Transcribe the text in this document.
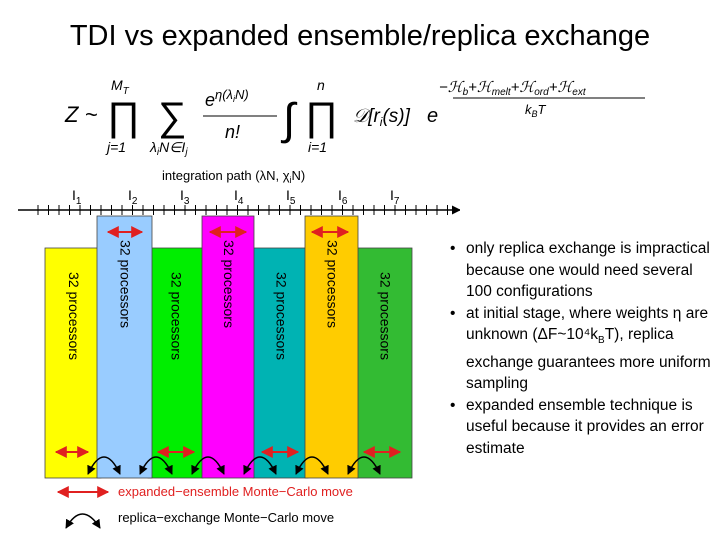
TDI vs expanded ensemble/replica exchange
Z ~
$M_T$
∏
j=1
∑
$\lambda_iN\in I_j$
$e^{\eta(\lambda}iN$)
n! ∫
n
∏
i=1
$𝒟[r_i(s)]$ e
−ℋ$_b$+ℋ$_{melt}$+ℋ$_{ord}$+ℋ$_{ext}$
$k_BT$
integration path (λN, $\chi_iN$)
$I_1$	$I_2$	$I_3$	$I_4$	$I_5$	$I_6$	$I_7$
32 processors	32 processors	32 processors	32 processors
32 processors	32 processors	32 processors
expanded−ensemble Monte−Carlo move
replica−exchange Monte−Carlo move
• only replica exchange is impractical because one would need several 100 configurations
• at initial stage, where weights η are unknown $(\Delta F\sim 10^4k_BT)$, replica exchange guarantees more uniform sampling
• expanded ensemble technique is useful because it provides an error estimate
